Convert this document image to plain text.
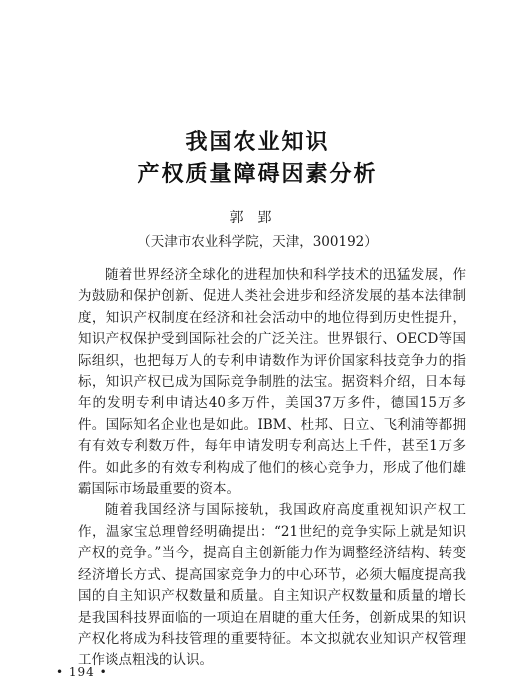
我国农业知识
产权质量障碍因素分析
郭郢
（天津市农业科学院，天津，300192）

随着世界经济全球化的进程加快和科学技术的迅猛发展，作为鼓励和保护创新、促进人类社会进步和经济发展的基本法律制度，知识产权制度在经济和社会活动中的地位得到历史性提升，知识产权保护受到国际社会的广泛关注。世界银行、OECD等国际组织，也把每万人的专利申请数作为评价国家科技竞争力的指标，知识产权已成为国际竞争制胜的法宝。据资料介绍，日本每年的发明专利申请达40多万件，美国37万多件，德国15万多件。国际知名企业也是如此。IBM、杜邦、日立、飞利浦等都拥有有效专利数万件，每年申请发明专利高达上千件，甚至1万多件。如此多的有效专利构成了他们的核心竞争力，形成了他们雄霸国际市场最重要的资本。

随着我国经济与国际接轨，我国政府高度重视知识产权工作，温家宝总理曾经明确提出：“21世纪的竞争实际上就是知识产权的竞争。”当今，提高自主创新能力作为调整经济结构、转变经济增长方式、提高国家竞争力的中心环节，必须大幅度提高我国的自主知识产权数量和质量。自主知识产权数量和质量的增长是我国科技界面临的一项迫在眉睫的重大任务，创新成果的知识产权化将成为科技管理的重要特征。本文拟就农业知识产权管理工作谈点粗浅的认识。

• 194 •
